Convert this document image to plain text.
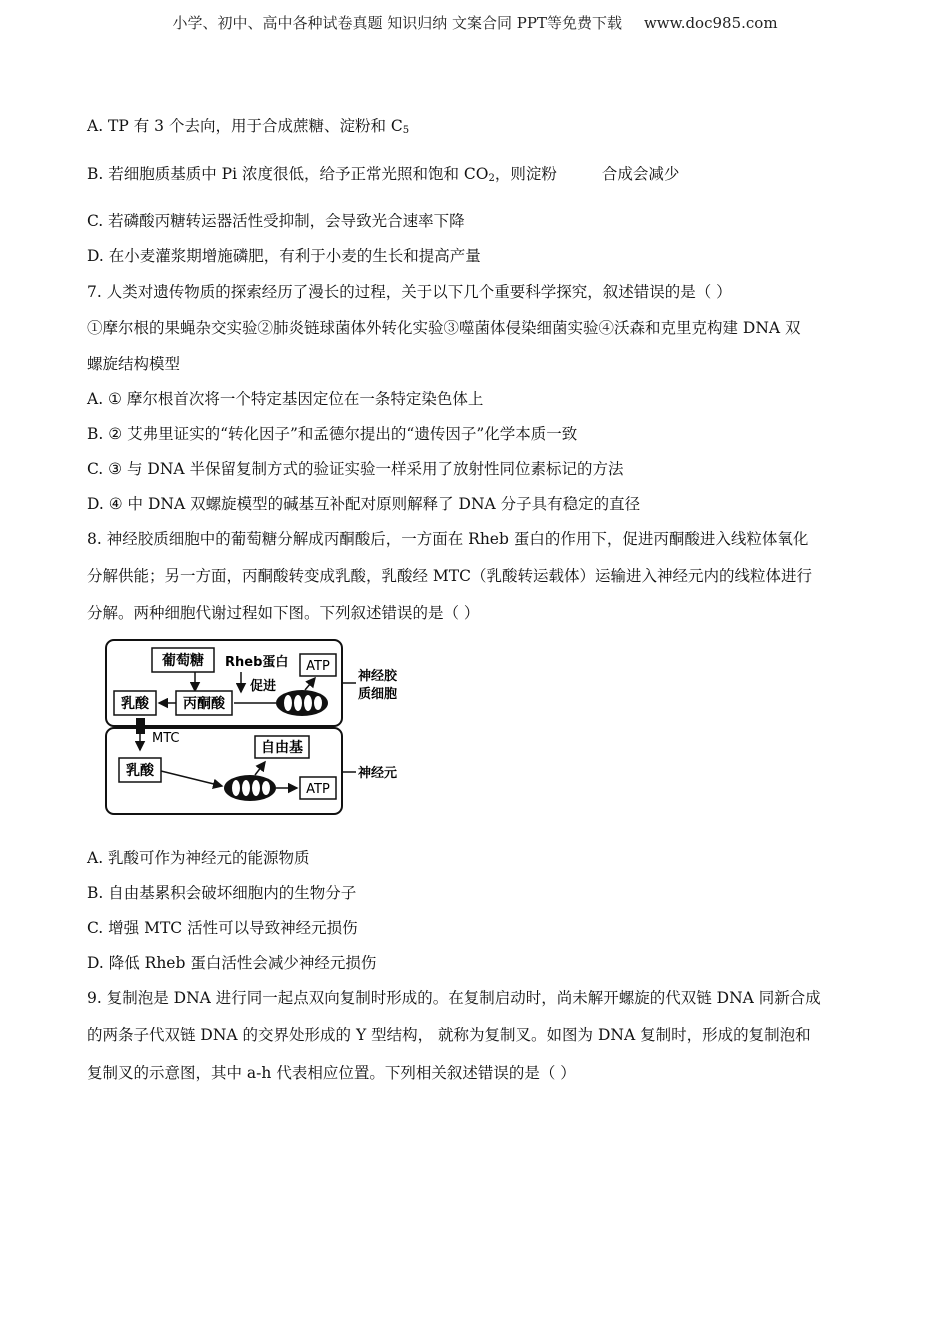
小学、初中、高中各种试卷真题 知识归纳 文案合同 PPT等免费下载 www.doc985.com
A. TP 有 3 个去向，用于合成蔗糖、淀粉和 $C_5$
B. 若细胞质基质中 Pi 浓度很低，给予正常光照和饱和 $CO_2$，则淀粉	合成会减少
C. 若磷酸丙糖转运器活性受抑制，会导致光合速率下降
D. 在小麦灌浆期增施磷肥，有利于小麦的生长和提高产量
7. 人类对遗传物质的探索经历了漫长的过程，关于以下几个重要科学探究，叙述错误的是（ ）
①摩尔根的果蝇杂交实验②肺炎链球菌体外转化实验③噬菌体侵染细菌实验④沃森和克里克构建 DNA 双
螺旋结构模型
A. ① 摩尔根首次将一个特定基因定位在一条特定染色体上
B. ② 艾弗里证实的“转化因子”和孟德尔提出的“遗传因子”化学本质一致
C. ③ 与 DNA 半保留复制方式的验证实验一样采用了放射性同位素标记的方法
D. ④ 中 DNA 双螺旋模型的碱基互补配对原则解释了 DNA 分子具有稳定的直径
8. 神经胶质细胞中的葡萄糖分解成丙酮酸后，一方面在 Rheb 蛋白的作用下，促进丙酮酸进入线粒体氧化
分解供能；另一方面，丙酮酸转变成乳酸，乳酸经 MTC（乳酸转运载体）运输进入神经元内的线粒体进行
分解。两种细胞代谢过程如下图。下列叙述错误的是（ ）
葡萄糖 Rheb蛋白
促进
ATP
丙酮酸
乳酸
神经胶
质细胞
MTC
自由基
乳酸
ATP
神经元
A. 乳酸可作为神经元的能源物质
B. 自由基累积会破坏细胞内的生物分子
C. 增强 MTC 活性可以导致神经元损伤
D. 降低 Rheb 蛋白活性会减少神经元损伤
9. 复制泡是 DNA 进行同一起点双向复制时形成的。在复制启动时，尚未解开螺旋的代双链 DNA 同新合成
的两条子代双链 DNA 的交界处形成的 Y 型结构， 就称为复制叉。如图为 DNA 复制时，形成的复制泡和
复制叉的示意图，其中 a-h 代表相应位置。下列相关叙述错误的是（ ）
